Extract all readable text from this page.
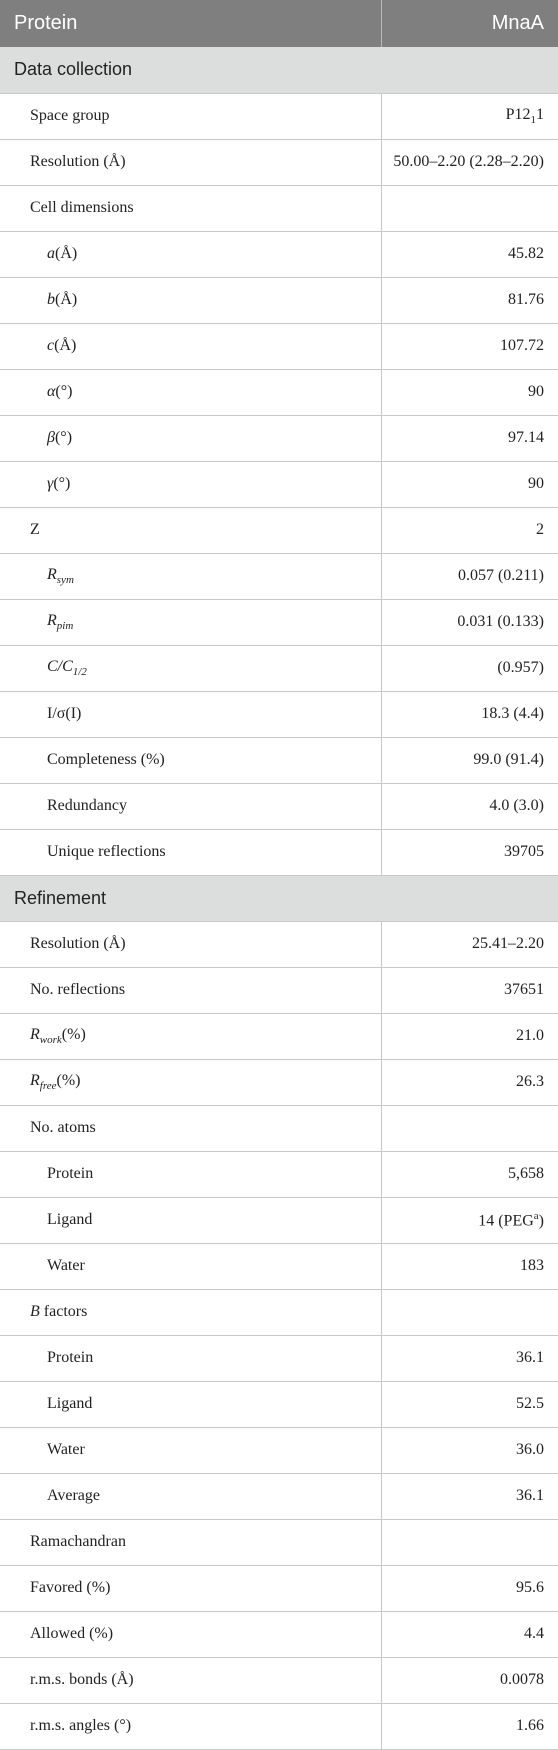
Protein	MnaA
Data collection	
Space group	$P12_11$
Resolution (Å)	50.00–2.20 (2.28–2.20)
Cell dimensions	
a(Å)	45.82
b(Å)	81.76
c(Å)	107.72
α(°)	90
β(°)	97.14
γ(°)	90
Z	2
$R_{sym}$	0.057 (0.211)
$R_{pim}$	0.031 (0.133)
$C/C_{1/2}$	(0.957)
I/σ(I)	18.3 (4.4)
Completeness (%)	99.0 (91.4)
Redundancy	4.0 (3.0)
Unique reflections	39705
Refinement	
Resolution (Å)	25.41–2.20
No. reflections	37651
$R_{work}(\%)$	21.0
$R_{free}(\%)$	26.3
No. atoms	
Protein	5,658
Ligand	14 (PEG$^a$)
Water	183
B factors	
Protein	36.1
Ligand	52.5
Water	36.0
Average	36.1
Ramachandran	
Favored (%)	95.6
Allowed (%)	4.4
r.m.s. bonds (Å)	0.0078
r.m.s. angles (°)	1.66
